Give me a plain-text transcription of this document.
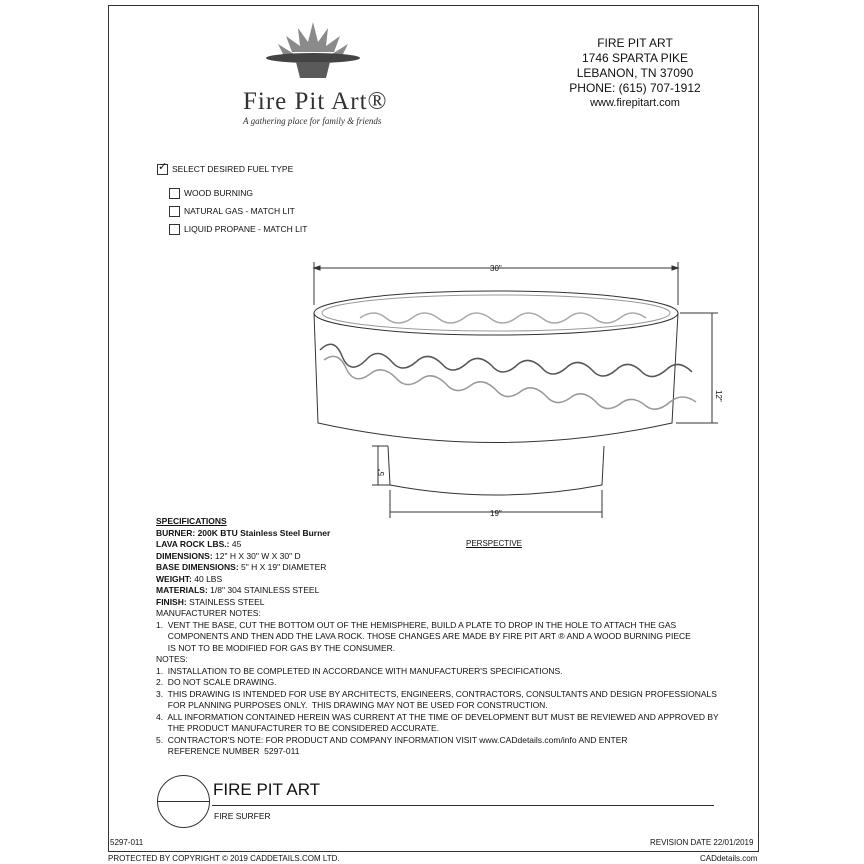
Fire Pit Art®
A gathering place for family & friends
FIRE PIT ART
1746 SPARTA PIKE
LEBANON, TN 37090
PHONE: (615) 707-1912
www.firepitart.com
✓SELECT DESIRED FUEL TYPE
WOOD BURNING
NATURAL GAS - MATCH LIT
LIQUID PROPANE - MATCH LIT
30"
12"
5"
19"
PERSPECTIVE
SPECIFICATIONS
BURNER: 200K BTU Stainless Steel Burner
LAVA ROCK LBS.: 45
DIMENSIONS: 12" H X 30" W X 30" D
BASE DIMENSIONS: 5" H X 19" DIAMETER
WEIGHT: 40 LBS
MATERIALS: 1/8" 304 STAINLESS STEEL
FINISH: STAINLESS STEEL
MANUFACTURER NOTES:
1.  VENT THE BASE, CUT THE BOTTOM OUT OF THE HEMISPHERE, BUILD A PLATE TO DROP IN THE HOLE TO ATTACH THE GAS
COMPONENTS AND THEN ADD THE LAVA ROCK. THOSE CHANGES ARE MADE BY FIRE PIT ART ® AND A WOOD BURNING PIECE
IS NOT TO BE MODIFIED FOR GAS BY THE CONSUMER.
NOTES:
1.  INSTALLATION TO BE COMPLETED IN ACCORDANCE WITH MANUFACTURER'S SPECIFICATIONS.
2.  DO NOT SCALE DRAWING.
3.  THIS DRAWING IS INTENDED FOR USE BY ARCHITECTS, ENGINEERS, CONTRACTORS, CONSULTANTS AND DESIGN PROFESSIONALS
FOR PLANNING PURPOSES ONLY.  THIS DRAWING MAY NOT BE USED FOR CONSTRUCTION.
4.  ALL INFORMATION CONTAINED HEREIN WAS CURRENT AT THE TIME OF DEVELOPMENT BUT MUST BE REVIEWED AND APPROVED BY
THE PRODUCT MANUFACTURER TO BE CONSIDERED ACCURATE.
5.  CONTRACTOR'S NOTE: FOR PRODUCT AND COMPANY INFORMATION VISIT www.CADdetails.com/info AND ENTER
REFERENCE NUMBER  5297-011
FIRE PIT ART
FIRE SURFER
5297-011	REVISION DATE 22/01/2019
PROTECTED BY COPYRIGHT © 2019 CADDETAILS.COM LTD.	CADdetails.com
